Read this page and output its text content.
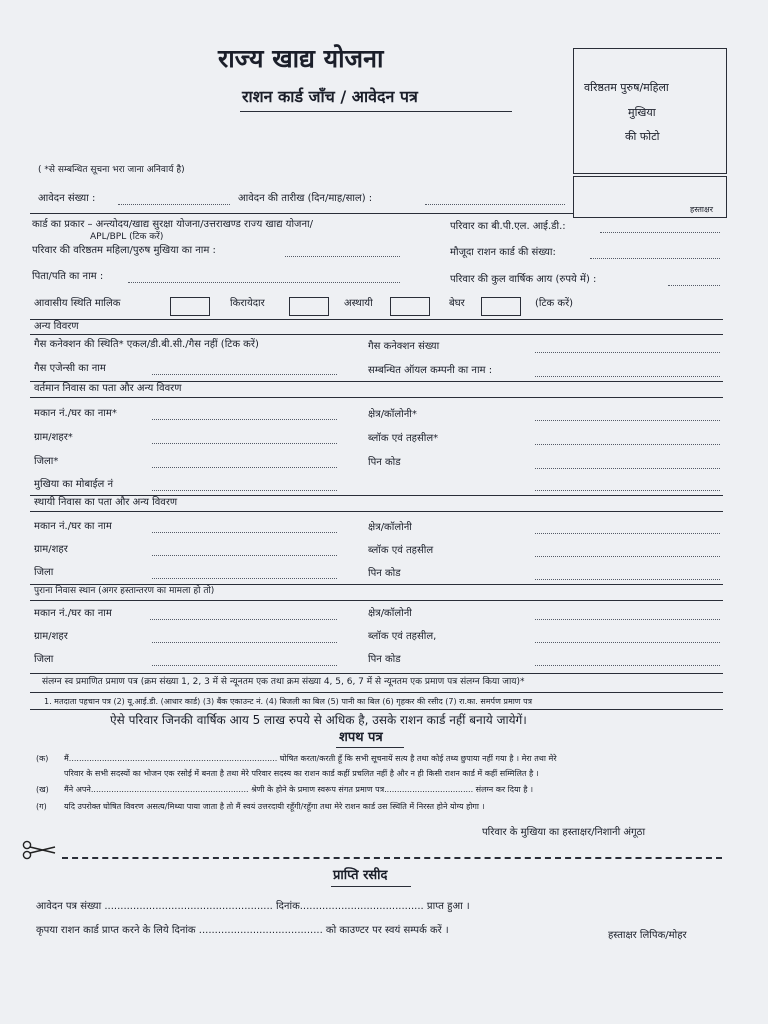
राज्य खाद्य योजना
राशन कार्ड जाँच / आवेदन पत्र	वरिष्ठतम पुरुष/महिला
मुखिया
की फोटो
हस्ताक्षर
( *से सम्बन्धित सूचना भरा जाना अनिवार्य है)
आवेदन संख्या :	आवेदन की तारीख (दिन/माह/साल) :
कार्ड का प्रकार – अन्त्योदय/खाद्य सुरक्षा योजना/उत्तराखण्ड राज्य खाद्य योजना/
APL/BPL (टिक करें)
परिवार का बी.पी.एल. आई.डी.:
परिवार की वरिष्ठतम महिला/पुरुष मुखिया का नाम :	मौजूदा राशन कार्ड की संख्या:
पिता/पति का नाम :	परिवार की कुल वार्षिक आय (रुपये में) :
आवासीय स्थिति मालिक	किरायेदार	अस्थायी	बेघर	(टिक करें)
अन्य विवरण
गैस कनेक्शन की स्थिति* एकल/डी.बी.सी./गैस नहीं (टिक करें)	गैस कनेक्शन संख्या
गैस एजेन्सी का नाम	सम्बन्धित ऑयल कम्पनी का नाम :
वर्तमान निवास का पता और अन्य विवरण
मकान नं./घर का नाम*	क्षेत्र/कॉलोनी*
ग्राम/शहर*	ब्लॉक एवं तहसील*
जिला*	पिन कोड
मुखिया का मोबाईल नं
स्थायी निवास का पता और अन्य विवरण
मकान नं./घर का नाम	क्षेत्र/कॉलोनी
ग्राम/शहर	ब्लॉक एवं तहसील
जिला	पिन कोड
पुराना निवास स्थान (अगर हस्तान्तरण का मामला हो तो)
मकान नं./घर का नाम	क्षेत्र/कॉलोनी
ग्राम/शहर	ब्लॉक एवं तहसील,
जिला	पिन कोड
संलग्न स्व प्रमाणित प्रमाण पत्र (क्रम संख्या 1, 2, 3 में से न्यूनतम एक तथा क्रम संख्या 4, 5, 6, 7 में से न्यूनतम एक प्रमाण पत्र संलग्न किया जाय)*
1. मतदाता पहचान पत्र (2) यू.आई.डी. (आधार कार्ड) (3) बैंक एकाउन्ट नं. (4) बिजली का बिल (5) पानी का बिल (6) गृहकर की रसीद (7) रा.का. समर्पण प्रमाण पत्र
ऐसे परिवार जिनकी वार्षिक आय 5 लाख रुपये से अधिक है, उसके राशन कार्ड नहीं बनाये जायेगें।
शपथ पत्र
(क) मैं.................................................................................. घोषित करता/करती हूँ कि सभी सूचनायें सत्य है तथा कोई तथ्य छुपाया नहीं गया है । मेरा तथा मेरे
परिवार के सभी सदस्यों का भोजन एक रसोई में बनता है तथा मेरे परिवार सदस्य का राशन कार्ड कहीं प्रचलित नहीं है और न ही किसी राशन कार्ड में कहीं सम्मिलित है ।
(ख) मैंने अपने.............................................................. श्रेणी के होने के प्रमाण स्वरूप संगत प्रमाण पत्र................................... संलग्न कर दिया है ।
(ग) यदि उपरोक्त घोषित विवरण असत्य/मिथ्या पाया जाता है तो मैं स्वयं उत्तरदायी रहूँगी/रहूँगा तथा मेरे राशन कार्ड उस स्थिति में निरस्त होने योग्य होगा ।
परिवार के मुखिया का हस्ताक्षर/निशानी अंगूठा
प्राप्ति रसीद
आवेदन पत्र संख्या ..................................................... दिनांक....................................... प्राप्त हुआ ।
कृपया राशन कार्ड प्राप्त करने के लिये दिनांक ....................................... को काउण्टर पर स्वयं सम्पर्क करें ।	हस्ताक्षर लिपिक/मोहर
